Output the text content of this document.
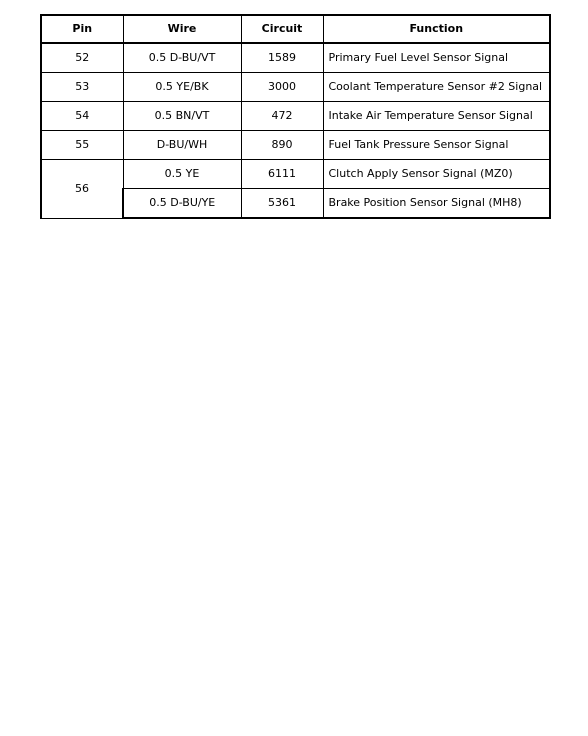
Pin	Wire	Circuit	Function
52	0.5 D-BU/VT	1589	Primary Fuel Level Sensor Signal
53	0.5 YE/BK	3000	Coolant Temperature Sensor #2 Signal
54	0.5 BN/VT	472	Intake Air Temperature Sensor Signal
55	D-BU/WH	890	Fuel Tank Pressure Sensor Signal
56	0.5 YE	6111	Clutch Apply Sensor Signal (MZ0)
	0.5 D-BU/YE	5361	Brake Position Sensor Signal (MH8)
